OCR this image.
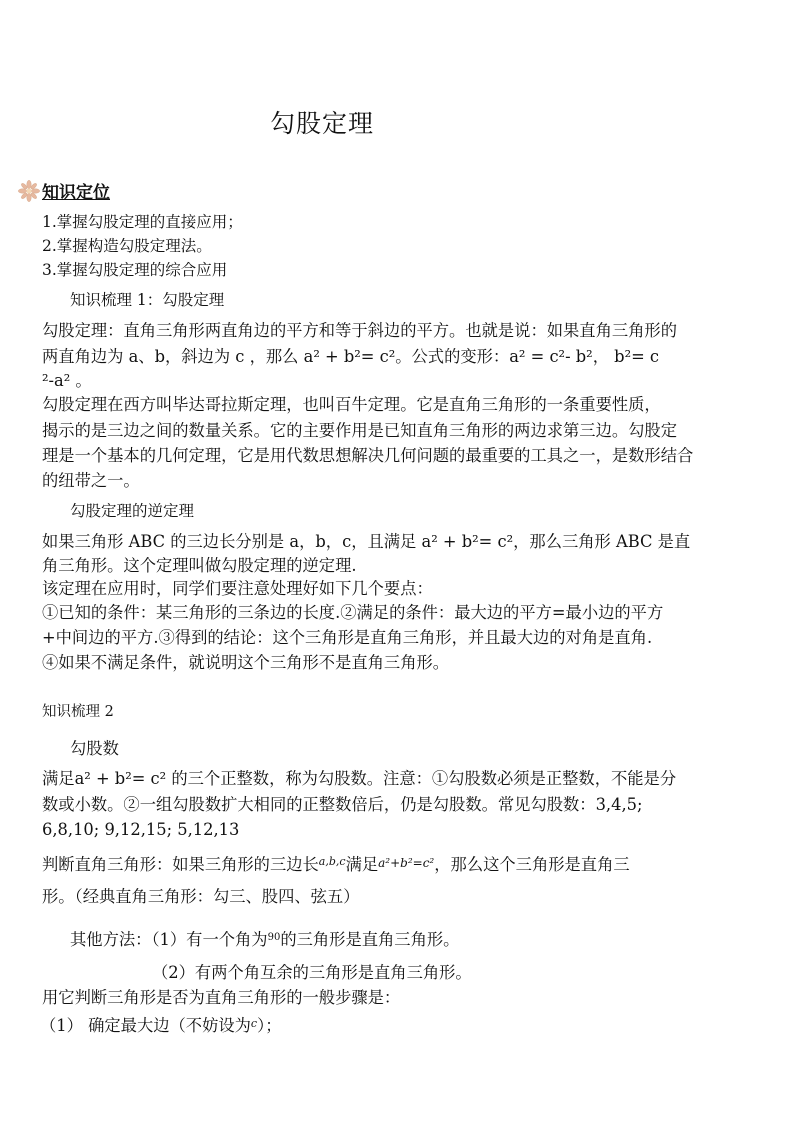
勾股定理
知识定位
1.掌握勾股定理的直接应用；
2.掌握构造勾股定理法。
3.掌握勾股定理的综合应用
知识梳理 1：勾股定理
勾股定理：直角三角形两直角边的平方和等于斜边的平方。也就是说：如果直角三角形的
两直角边为 a、b，斜边为 c ，那么 a² + b²= c²。公式的变形：a² = c²- b²， b²= c
²-a² 。
勾股定理在西方叫毕达哥拉斯定理，也叫百牛定理。它是直角三角形的一条重要性质，
揭示的是三边之间的数量关系。它的主要作用是已知直角三角形的两边求第三边。勾股定
理是一个基本的几何定理，它是用代数思想解决几何问题的最重要的工具之一，是数形结合
的纽带之一。
勾股定理的逆定理
如果三角形 ABC 的三边长分别是 a，b，c，且满足 a² + b²= c²，那么三角形 ABC 是直
角三角形。这个定理叫做勾股定理的逆定理.
该定理在应用时，同学们要注意处理好如下几个要点：
①已知的条件：某三角形的三条边的长度.②满足的条件：最大边的平方=最小边的平方
+中间边的平方.③得到的结论：这个三角形是直角三角形，并且最大边的对角是直角.
④如果不满足条件，就说明这个三角形不是直角三角形。
知识梳理 2
勾股数
满足a² + b²= c² 的三个正整数，称为勾股数。注意：①勾股数必须是正整数，不能是分
数或小数。②一组勾股数扩大相同的正整数倍后，仍是勾股数。常见勾股数：3,4,5;
6,8,10; 9,12,15; 5,12,13
判断直角三角形：如果三角形的三边长$^{a,b,c}$满足a²+b²=c²，那么这个三角形是直角三
形。（经典直角三角形：勾三、股四、弦五）
其他方法：（1）有一个角为$^{90}$的三角形是直角三角形。
（2）有两个角互余的三角形是直角三角形。
用它判断三角形是否为直角三角形的一般步骤是：
（1） 确定最大边（不妨设为$^c$）；
